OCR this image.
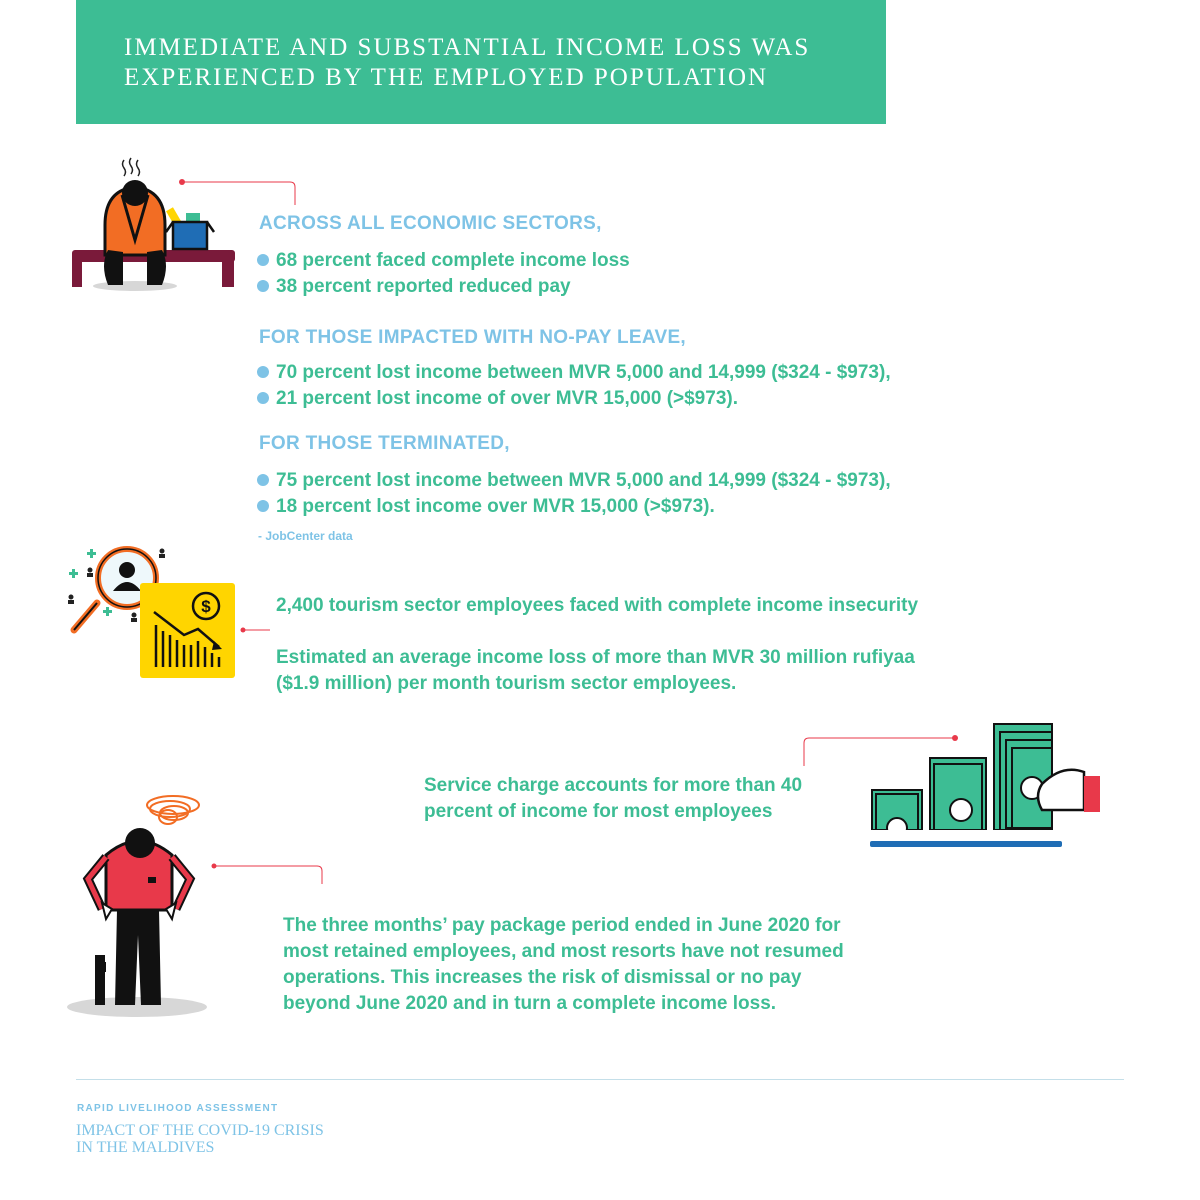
IMMEDIATE AND SUBSTANTIAL INCOME LOSS WAS
EXPERIENCED BY THE EMPLOYED POPULATION
ACROSS ALL ECONOMIC SECTORS,
68 percent faced complete income loss
38 percent reported reduced pay
FOR THOSE IMPACTED WITH NO-PAY LEAVE,
70 percent lost income between MVR 5,000 and 14,999 ($324 - $973),
21 percent lost income of over MVR 15,000 (>$973).
FOR THOSE TERMINATED,
75 percent lost income between MVR 5,000 and 14,999 ($324 - $973),
18 percent lost income over MVR 15,000 (>$973).
- JobCenter data
$	2,400 tourism sector employees faced with complete income insecurity
Estimated an average income loss of more than MVR 30 million rufiyaa
($1.9 million) per month tourism sector employees.
Service charge accounts for more than 40
percent of income for most employees
The three months’ pay package period ended in June 2020 for
most retained employees, and most resorts have not resumed
operations. This increases the risk of dismissal or no pay
beyond June 2020 and in turn a complete income loss.
RAPID LIVELIHOOD ASSESSMENT
IMPACT OF THE COVID-19 CRISIS
IN THE MALDIVES
